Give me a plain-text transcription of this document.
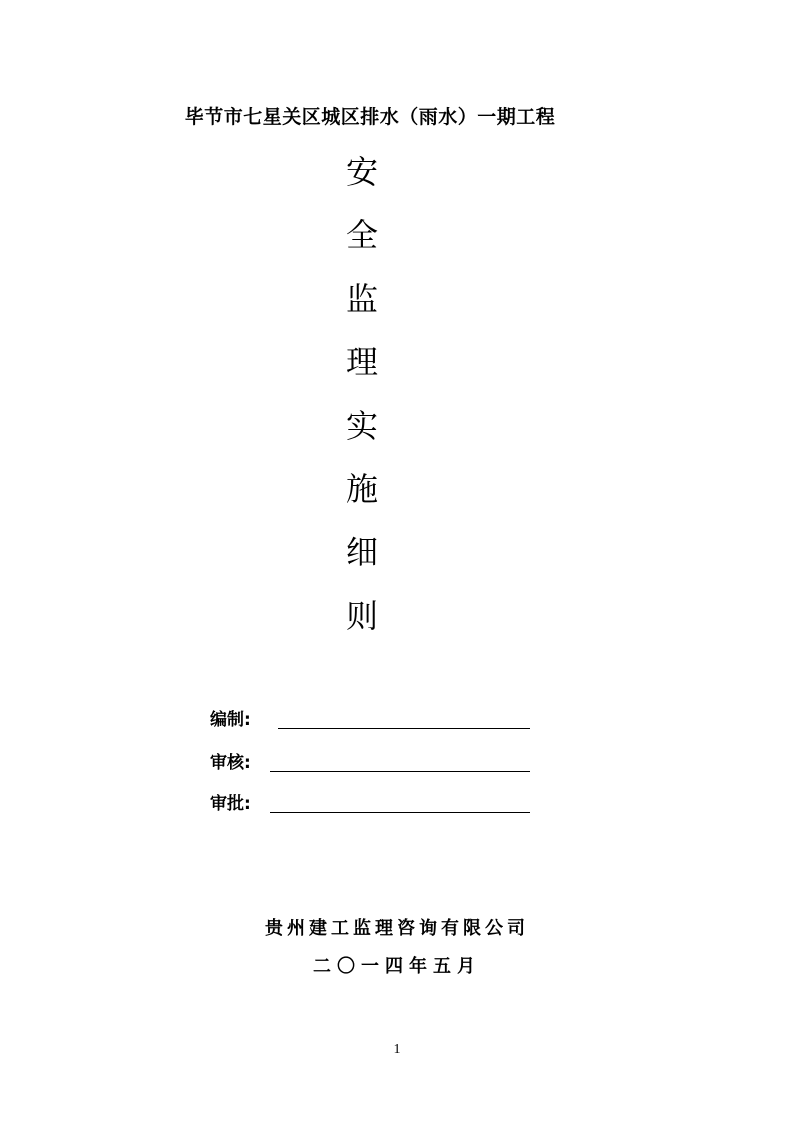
毕节市七星关区城区排水（雨水）一期工程
安
全
监
理
实
施
细
则
编制:
审核:
审批:
贵州建工监理咨询有限公司
二〇一四年五月
1
